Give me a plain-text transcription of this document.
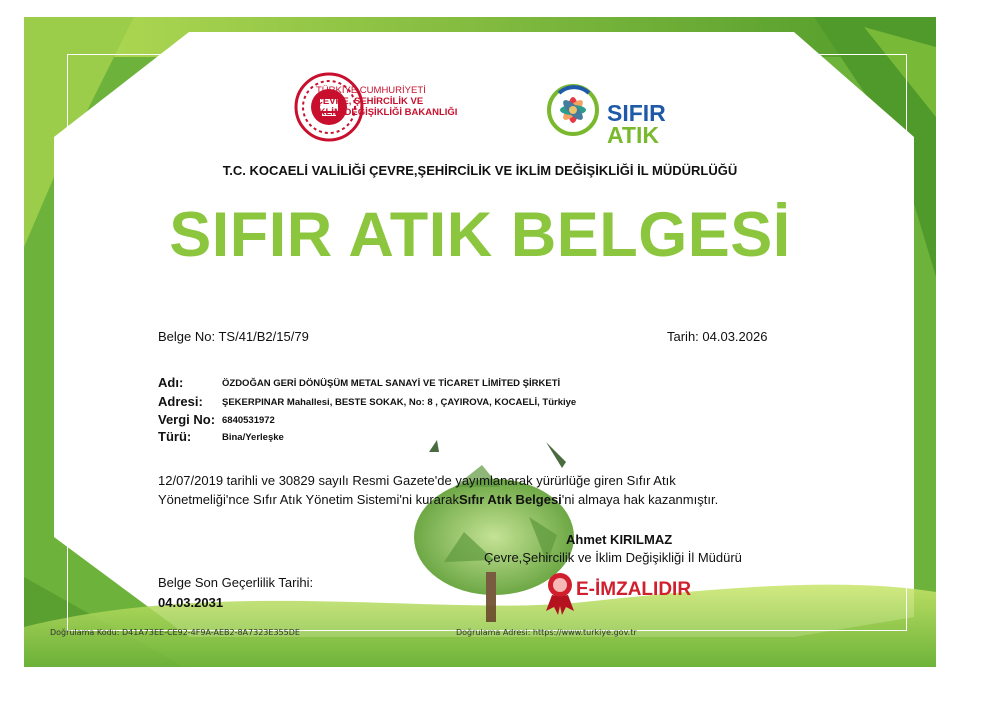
TÜRKİYE CUMHURİYETİ
ÇEVRE, ŞEHİRCİLİK VE
İKLİM DEĞİŞİKLİĞİ BAKANLIĞI	SIFIR
ATIK
T.C. KOCAELİ VALİLİĞİ ÇEVRE,ŞEHİRCİLİK VE İKLİM DEĞİŞİKLİĞİ İL MÜDÜRLÜĞÜ
SIFIR ATIK BELGESİ
Belge No: TS/41/B2/15/79	Tarih: 04.03.2026
Adı:	ÖZDOĞAN GERİ DÖNÜŞÜM METAL SANAYİ VE TİCARET LİMİTED ŞİRKETİ
Adresi: ŞEKERPINAR Mahallesi, BESTE SOKAK, No: 8 , ÇAYIROVA, KOCAELİ, Türkiye
Vergi No: 6840531972
Türü:	Bina/Yerleşke
12/07/2019 tarihli ve 30829 sayılı Resmi Gazete'de yayımlanarak yürürlüğe giren Sıfır Atık
Yönetmeliği'nce Sıfır Atık Yönetim Sistemi'ni kurarakSıfır Atık Belgesi'ni almaya hak kazanmıştır.
Ahmet KIRILMAZ
Çevre,Şehircilik ve İklim Değişikliği İl Müdürü
Belge Son Geçerlilik Tarihi:
04.03.2031
E-İMZALIDIR
Doğrulama Kodu: D41A73EE-CE92-4F9A-AEB2-8A7323E355DE	Doğrulama Adresi: https://www.turkiye.gov.tr
